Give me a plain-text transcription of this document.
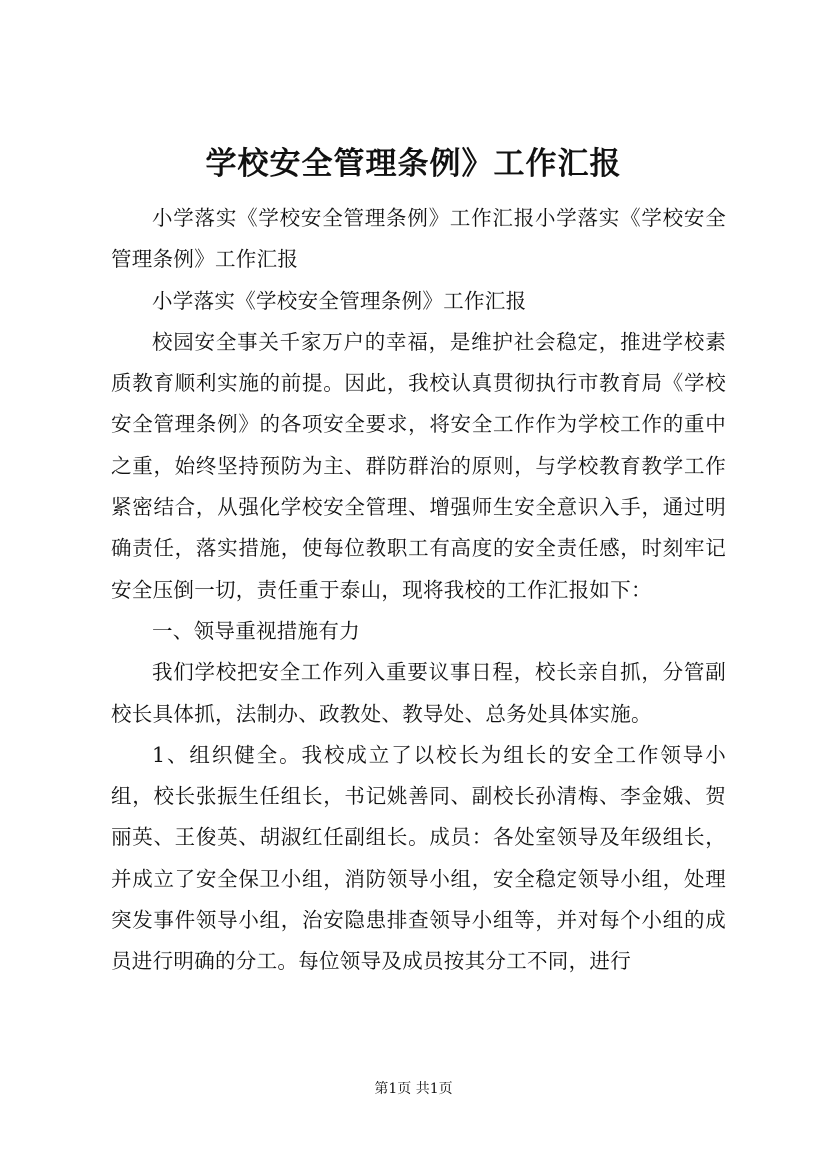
学校安全管理条例》工作汇报

小学落实《学校安全管理条例》工作汇报小学落实《学校安全管理条例》工作汇报

小学落实《学校安全管理条例》工作汇报

校园安全事关千家万户的幸福，是维护社会稳定，推进学校素质教育顺利实施的前提。因此，我校认真贯彻执行市教育局《学校安全管理条例》的各项安全要求，将安全工作作为学校工作的重中之重，始终坚持预防为主、群防群治的原则，与学校教育教学工作紧密结合，从强化学校安全管理、增强师生安全意识入手，通过明确责任，落实措施，使每位教职工有高度的安全责任感，时刻牢记安全压倒一切，责任重于泰山，现将我校的工作汇报如下：

一、领导重视措施有力

我们学校把安全工作列入重要议事日程，校长亲自抓，分管副校长具体抓，法制办、政教处、教导处、总务处具体实施。

1、组织健全。我校成立了以校长为组长的安全工作领导小组，校长张振生任组长，书记姚善同、副校长孙清梅、李金娥、贺丽英、王俊英、胡淑红任副组长。成员：各处室领导及年级组长，并成立了安全保卫小组，消防领导小组，安全稳定领导小组，处理突发事件领导小组，治安隐患排查领导小组等，并对每个小组的成员进行明确的分工。每位领导及成员按其分工不同，进行

第1页 共1页
